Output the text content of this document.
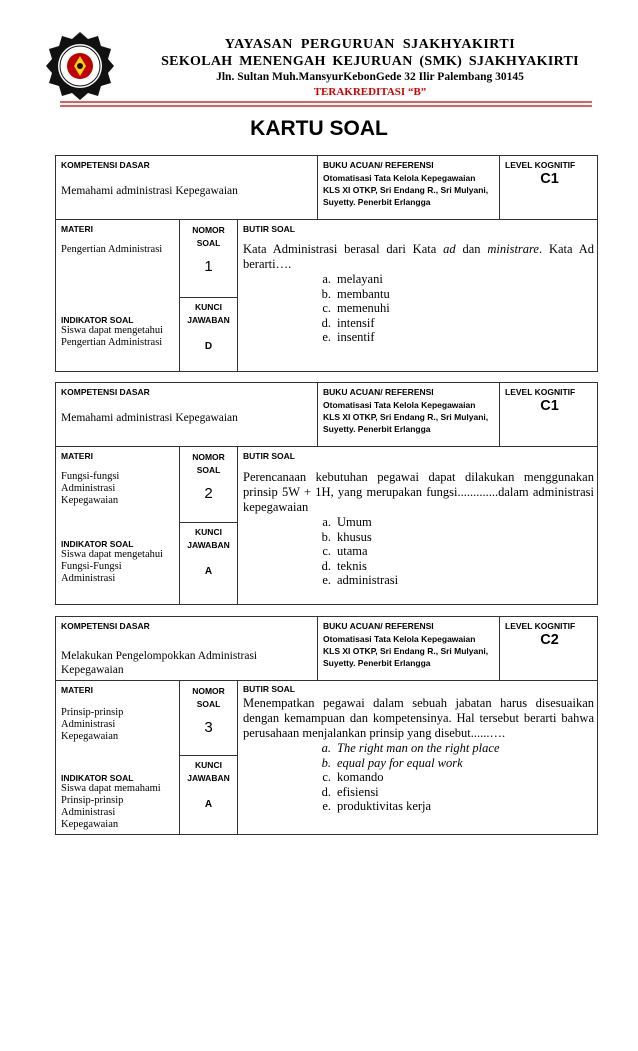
YAYASAN PERGURUAN SJAKHYAKIRTI
SEKOLAH MENENGAH KEJURUAN (SMK) SJAKHYAKIRTI
Jln. Sultan Muh.MansyurKebonGede 32 Ilir Palembang 30145
TERAKREDITASI “B”
KARTU SOAL
KOMPETENSI DASAR
Memahami administrasi Kepegawaian
BUKU ACUAN/ REFERENSI
Otomatisasi Tata Kelola Kepegawaian KLS XI OTKP, Sri Endang R., Sri Mulyani, Suyetty. Penerbit Erlangga
LEVEL KOGNITIF
C1
MATERI
Pengertian Administrasi
INDIKATOR SOAL
Siswa dapat mengetahui Pengertian Administrasi
NOMOR SOAL
1
KUNCI JAWABAN
D
BUTIR SOAL
Kata Administrasi berasal dari Kata ad dan ministrare. Kata Ad berarti….
a. melayani
b. membantu
c. memenuhi
d. intensif
e. insentif
KOMPETENSI DASAR
Memahami administrasi Kepegawaian
BUKU ACUAN/ REFERENSI
Otomatisasi Tata Kelola Kepegawaian KLS XI OTKP, Sri Endang R., Sri Mulyani, Suyetty. Penerbit Erlangga
LEVEL KOGNITIF
C1
MATERI
Fungsi-fungsi Administrasi Kepegawaian
INDIKATOR SOAL
Siswa dapat mengetahui Fungsi-Fungsi Administrasi
NOMOR SOAL
2
KUNCI JAWABAN
A
BUTIR SOAL
Perencanaan kebutuhan pegawai dapat dilakukan menggunakan prinsip 5W + 1H, yang merupakan fungsi.............dalam administrasi kepegawaian
a. Umum
b. khusus
c. utama
d. teknis
e. administrasi
KOMPETENSI DASAR
Melakukan Pengelompokkan Administrasi Kepegawaian
BUKU ACUAN/ REFERENSI
Otomatisasi Tata Kelola Kepegawaian KLS XI OTKP, Sri Endang R., Sri Mulyani, Suyetty. Penerbit Erlangga
LEVEL KOGNITIF
C2
MATERI
Prinsip-prinsip Administrasi Kepegawaian
INDIKATOR SOAL
Siswa dapat memahami Prinsip-prinsip Administrasi Kepegawaian
NOMOR SOAL
3
KUNCI JAWABAN
A
BUTIR SOAL
Menempatkan pegawai dalam sebuah jabatan harus disesuaikan dengan kemampuan dan kompetensinya. Hal tersebut berarti bahwa perusahaan menjalankan prinsip yang disebut......….
a. The right man on the right place
b. equal pay for equal work
c. komando
d. efisiensi
e. produktivitas kerja
